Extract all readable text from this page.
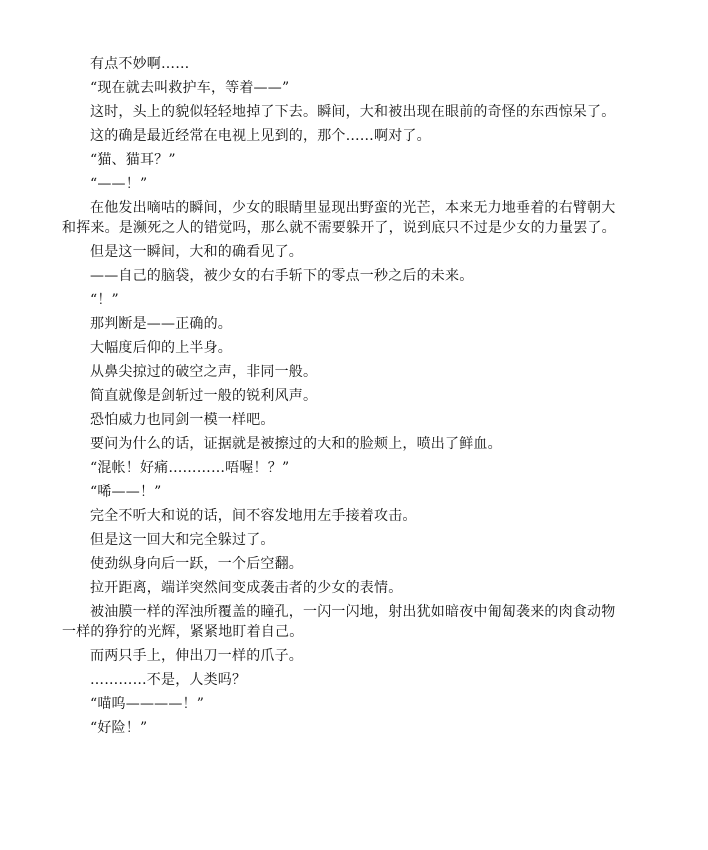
有点不妙啊……

“现在就去叫救护车，等着——”

这时，头上的貌似轻轻地掉了下去。瞬间，大和被出现在眼前的奇怪的东西惊呆了。

这的确是最近经常在电视上见到的，那个……啊对了。

“猫、猫耳？”

“——！”

在他发出嘀咕的瞬间，少女的眼睛里显现出野蛮的光芒，本来无力地垂着的右臂朝大和挥来。是濒死之人的错觉吗，那么就不需要躲开了，说到底只不过是少女的力量罢了。

但是这一瞬间，大和的确看见了。

——自己的脑袋，被少女的右手斩下的零点一秒之后的未来。

“！”

那判断是——正确的。

大幅度后仰的上半身。

从鼻尖掠过的破空之声，非同一般。

简直就像是剑斩过一般的锐利风声。

恐怕威力也同剑一模一样吧。

要问为什么的话，证据就是被擦过的大和的脸颊上，喷出了鲜血。

“混帐！好痛…………唔喔！？”

“唏——！”

完全不听大和说的话，间不容发地用左手接着攻击。

但是这一回大和完全躲过了。

使劲纵身向后一跃，一个后空翻。

拉开距离，端详突然间变成袭击者的少女的表情。

被油膜一样的浑浊所覆盖的瞳孔，一闪一闪地，射出犹如暗夜中匍匐袭来的肉食动物一样的狰狞的光辉，紧紧地盯着自己。

而两只手上，伸出刀一样的爪子。

…………不是，人类吗？

“喵呜————！”

“好险！”
